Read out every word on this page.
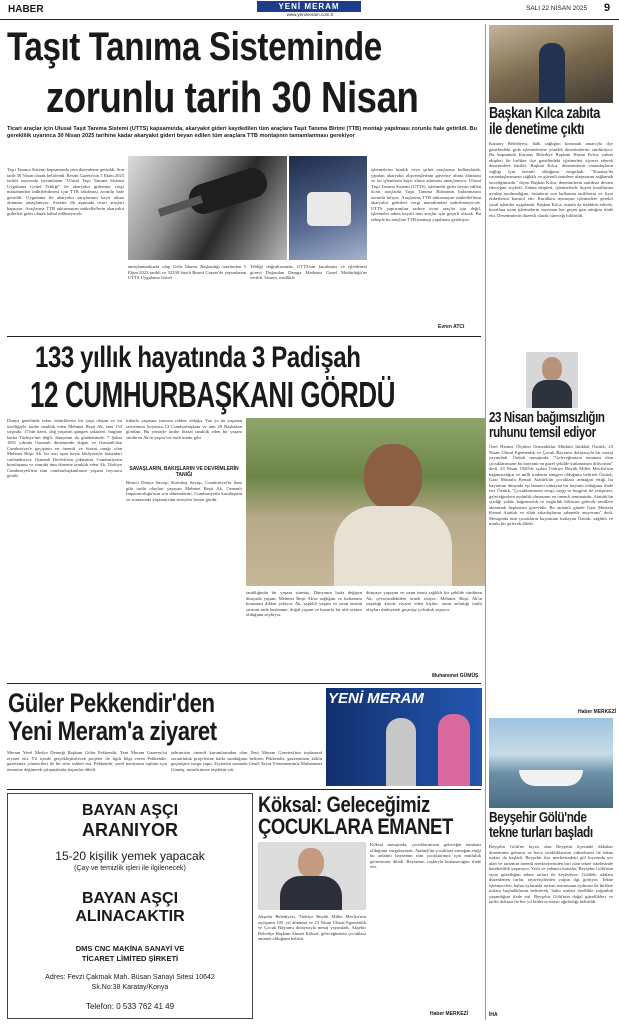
HABER	YENİ MERAM
www.yenimeram.com.tr
SALI 22 NİSAN 2025 9
Taşıt Tanıma Sisteminde
zorunlu tarih 30 Nisan
Ticari araçlar için Ulusal Taşıt Tanıma Sistemi (UTTS) kapsamında, akaryakıt gideri kaydedilen tüm araçlara Taşıt Tanıma Birimi (TTB) montajı yapılması zorunlu hale getirildi. Bu gereklilik uyarınca 30 Nisan 2025 tarihine kadar akaryakıt gideri beyan edilen tüm araçlara TTB montajının tamamlanması gerekiyor
Taşıt Tanıma Sistemi kapsamında yeni düzenleme getirildi. Son tarih 30 Nisan olarak belirlendi. Resmi Gazete'nin 5 Ekim 2023 tarihli sayısında yayımlanan "Ulusal Taşıt Tanıma Sistemi Uygulama Genel Tebliği" ile akaryakıt giderinin vergi matrahından indirilebilmesi için TTB takılması zorunlu hale getirildi. Uygulama ile akaryakıt satışlarının kayıt altına alınması amaçlanıyor. Sistemi ilk aşamada ticari araçları kapsıyor. Araçlarına TTB taktırmayan mükelleflerin akaryakıt giderleri gider olarak kabul edilmeyecek.
amaçlanmaktadır olup Gelir İdaresi Başkanlığı tarafından 5 Ekim 2023 tarihli ve 32330 Sayılı Resmi Gazete'de yayımlanan UTTS Uygulama Genel
Tebliği doğrultusunda, UTTS'nin kurulması ve işletilmesi görevi Doğrudan Damga Matbaası Genel Müdürlüğü'ne verildi. Sistem, özellikle
işletmelerin kimlik veya şirket araçlarına kullanılarak, yapılan akaryakıt alışverişlerinin güvence altına alınması ve bu işlemlerin kayıt altına alınması amaçlanıyor. Ulusal Taşıt Tanıma Sistemi (UTTS), işletmede gider beyan edilen ticari araçlarda Taşıt Tanıma Biriminin bulunmasını zorunlu kılıyor. Araçlarına TTB taktırmayan mükelleflerin akaryakıt giderleri vergi matrahından indirilemeyecek. UTTS yaptırımları sadece ticari araçlar için değil, işletmeler adına kayıtlı tüm araçlar için geçerli olacak. Bu sebeple bu araçlara TTB montajı yapılması gerekiyor.
Evren ATCI
133 yıllık hayatında 3 Padişah
12 CUMHURBAŞKANI GÖRDÜ
Dünya genelinde rekor ömürlülerin bir yaşa ulaşan ve bu özelliğiyle tarihe tanıklık eden Mehmet Reşit Ak, tam 133 yaşında. 17'nin üzeri, dağ yaşayan güngen sakinleri, bugüne kadar Türkiye'nin değil, dünyanın da gündeminde. 7 Şubat 1891 yılında Osmanlı döneminde doğan ve Osmanlı'dan Cumhuriyet'e geçişinin en önemli ve bizzat tanığı olan Mehmet Reşit Ak, bir asrı aşan hayat hikâyesiyle hafızaları canlandırıyor. Osmanlı Devleti'nin çöküşünü, Cumhuriyetin kuruluşunu ve sonraki tüm döneme tanıklık eden Ak, Türkiye Cumhuriyeti'nin tüm cumhurbaşkanlarını yaşamı boyunca gördü.
itibarla yaşamın yazısını rehber olduğu. Yaz ya da yaşanan serüvenini boyunca 12 Cumhurbaşkanı ve tam 29 Başbakan gördüm. Bu yönüyle tarihe bizzat tanıklık eden bir yaşam sürdüren Ak'ın yaşını bir tarih kitabı gibi.
SAVAŞLARIN, BAKIŞLARIN VE DEVRİMLERİN TANIĞI
Birinci Dünya Savaşı, Kurtuluş Savaşı, Cumhuriyet'in ilanı gibi tarihi olayları yaşayan Mehmet Reşit Ak, Osmanlı İmparatorluğu'nun son dönemlerini, Cumhuriyetin kuruluşunu ve sonrasında yaşanan tüm süreçleri bizzat gördü.
tanıklığında bir yaşam sürmüş. Dünyanın hızla değişen dünyada yaşam, Mehmet Reşit Ak'ın sağlığını ve hafızasını koruması dikkat çekiyor. Ak, sağlıklı yaşam ve uzun ömrün sırrının sade beslenme, doğal yaşam ve huzurlu bir aile ortamı olduğunu söylüyor.
dünyaya yaşayan ve uzun ömrü sağlıklı bir şekilde sürdüren Ak, çevresindekilere örnek oluyor. Mehmet Reşit Ak'ın yaşadığı köyde ziyaret eden kişiler, onun anlattığı tarihi olayları dinleyerek geçmişe yolculuk yapıyor.
Muhammet GÜMÜŞ
Güler Pekkendir'den
Yeni Meram'a ziyaret
Meram Yerel Medya Derneği Başkanı Güler Pekkendir, Yeni Meram Gazetesi'ni ziyaret etti. Yıl içinde gerçekleştirilecek projeler ile ilgili bilgi veren Pekkendir, gazetemiz yöneticileri ile bir süre sohbet etti. Pekkendir, yerel medyanın toplum için önemine değinerek çalışmalarda başarılar diledi.
şehrimizin önemli kurumlarından olan Yeni Meram Gazetesi'nin toplumsal sorumluluk projelerine katkı sunduğunu belirten Pekkendir, gazetemizin köklü geçmişine vurgu yaptı. Ziyaretin sonunda Genel Yayın Yönetmenimiz Muhammet Gümüş, misafirimize teşekkür etti.
YENİ MERAM
BAYAN AŞÇI
ARANIYOR
15-20 kişilik yemek yapacak
(Çay ve temizlik işleri ile ilgilenecek)
BAYAN AŞÇI
ALINACAKTIR
DMS CNC MAKİNA SANAYİ VE
TİCARET LİMİTED ŞİRKETİ
Adres: Fevzi Çakmak Mah. Büsan Sanayi Sitesi 10642
Sk.No:38 Karatay/Konya
Telefon: 0 533 762 41 49
Köksal: Geleceğimiz
ÇOCUKLARA EMANET
Akşehir Belediyesi, Türkiye Büyük Millet Meclisi'nin açılışının 105. yıl dönümü ve 23 Nisan Ulusal Egemenlik ve Çocuk Bayramı dolayısıyla mesaj yayımladı. Akşehir Belediye Başkanı Ahmet Köksal, geleceğimizin çocuklara emanet olduğunu belirtti.
Köksal mesajında, çocuklarımızın geleceğin teminatı olduğunu vurgulayarak, Atatürk'ün çocuklara armağan ettiği bu anlamlı bayramın tüm çocuklarımız için mutluluk getirmesini diledi. Bayramın coşkuyla kutlanacağını ifade etti.
Haber MERKEZİ
Başkan Kılca zabıta
ile denetime çıktı
Karatay Belediyesi, halk sağlığını korumak amacıyla ilçe genelindeki gıda işletmelerine yönelik denetimlerini sürdürüyor. Bu kapsamda Karatay Belediye Başkanı Hasan Kılca, zabıta ekipleri ile birlikte ilçe genelindeki işletmeleri ziyaret ederek denetimlere katıldı. Başkan Kılca, denetimlerin vatandaşların sağlığı için önemli olduğunu vurguladı. "Karatay'da vatandaşlarımızın sağlıklı ve güvenli ürünlere ulaşmasını sağlamak önceliğimizdir" diyen Başkan Kılca, denetimlerin aralıksız devam edeceğini söyledi. Zabıta ekipleri, işletmelerde hijyen kurallarına uyulup uyulmadığını, ürünlerin son kullanma tarihlerini ve fiyat etiketlerini kontrol etti. Kurallara uymayan işletmelere gerekli yasal işlemler uygulandı. Başkan Kılca, esnafa da teşekkür ederek, kurallara uyan işletmelerin sayısının her geçen gün arttığını ifade etti. Denetimlerin düzenli olarak süreceği bildirildi.
23 Nisan bağımsızlığın
ruhunu temsil ediyor
Özel Hizmet Ölçülen Ormanlıklar Müdürü İntikhal Öztürk, 23 Nisan Ulusal Egemenlik ve Çocuk Bayramı dolayısıyla bir mesaj yayımladı. Öztürk mesajında, "Geleceğimizin teminatı olan çocuklarımızın bu bayramı en güzel şekilde kutlamasını diliyorum" dedi. 23 Nisan 1920'de açılan Türkiye Büyük Millet Meclisi'nin bağımsızlığın ve milli iradenin simgesi olduğunu belirten Öztürk, Gazi Mustafa Kemal Atatürk'ün çocuklara armağan ettiği bu bayramın dünyada eşi benzeri olmayan bir bayram olduğunu ifade etti. Öztürk, "Çocuklarımızın sevgi, saygı ve hoşgörü ile yetişmesi, geleceğimizin aydınlık olmasının en önemli teminatıdır. Atatürk'ün çizdiği yolda, bağımsızlık ve özgürlük bilincini gelecek nesillere aktarmak hepimizin görevidir. Bu anlamlı günde Gazi Mustafa Kemal Atatürk ve silah arkadaşlarını rahmetle anıyorum" dedi. Mesajında tüm çocukların bayramını kutlayan Öztürk, sağlıklı ve mutlu bir gelecek diledi.
Haber MERKEZİ
Beyşehir Gölü'nde
tekne turları başladı
Beyşehir Gölü'ne kıyısı olan Beyşehir ilçesinde ilkbahar döneminin gelmesi ve hava sıcaklıklarının yükselmesi ile tekne turları da başladı. Beyşehir ilçe merkezindeki göl kıyısında yer alan ve turizmin önemli merkezlerinden biri olan tekne iskelesinde hareketlilik yaşanıyor. Yerli ve yabancı turistler, Beyşehir Gölü'nün eşsiz güzelliğini tekne turları ile keşfediyor. Göldeki adalara düzenlenen turlar, ziyaretçilerden yoğun ilgi görüyor. Tekne işletmecileri, bahar aylarında turizm sezonunun açılması ile birlikte turlara başladıklarını belirterek, hafta sonları özellikle yoğunluk yaşandığını ifade etti. Beyşehir Gölü'nün doğal güzellikleri ve tarihi dokusu ile her yıl binlerce turisti ağırladığı belirtildi.
İHA
